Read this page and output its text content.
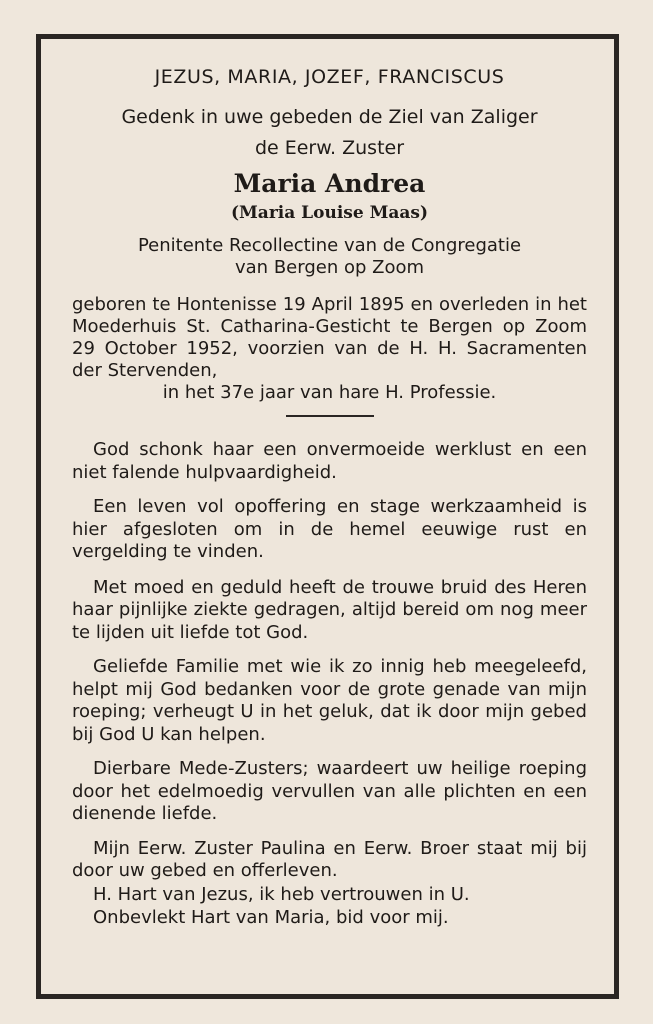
JEZUS, MARIA, JOZEF, FRANCISCUS

Gedenk in uwe gebeden de Ziel van Zaliger
de Eerw. Zuster
Maria Andrea
(Maria Louise Maas)
Penitente Recollectine van de Congregatie
van Bergen op Zoom
geboren te Hontenisse 19 April 1895 en overleden in het Moederhuis St. Catharina-Gesticht te Bergen op Zoom 29 October 1952, voorzien van de H. H. Sacramenten der Stervenden,
in het 37e jaar van hare H. Professie.

God schonk haar een onvermoeide werklust en een niet falende hulpvaardigheid.

Een leven vol opoffering en stage werkzaamheid is hier afgesloten om in de hemel eeuwige rust en vergelding te vinden.

Met moed en geduld heeft de trouwe bruid des Heren haar pijnlijke ziekte gedragen, altijd bereid om nog meer te lijden uit liefde tot God.

Geliefde Familie met wie ik zo innig heb meegeleefd, helpt mij God bedanken voor de grote genade van mijn roeping; verheugt U in het geluk, dat ik door mijn gebed bij God U kan helpen.

Dierbare Mede-Zusters; waardeert uw heilige roeping door het edelmoedig vervullen van alle plichten en een dienende liefde.

Mijn Eerw. Zuster Paulina en Eerw. Broer staat mij bij door uw gebed en offerleven.

H. Hart van Jezus, ik heb vertrouwen in U.

Onbevlekt Hart van Maria, bid voor mij.
